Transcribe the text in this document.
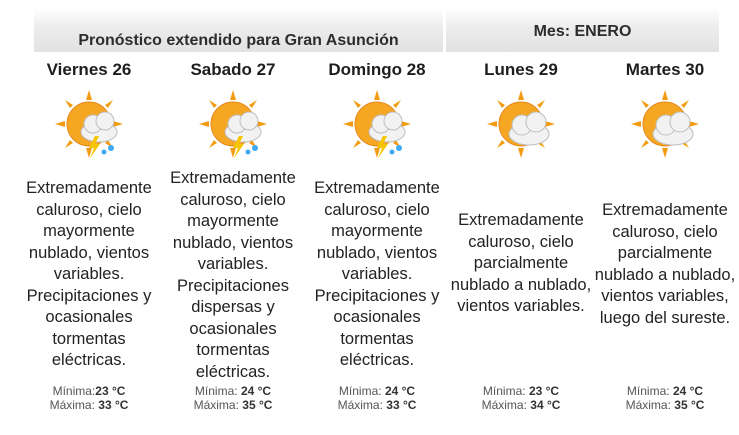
Pronóstico extendido para Gran Asunción
Mes: ENERO
Viernes 26
Extremadamente caluroso, cielo mayormente nublado, vientos variables. Precipitaciones y ocasionales tormentas eléctricas.
Mínima:23 °C
Máxima: 33 °C
Sabado 27
Extremadamente caluroso, cielo mayormente nublado, vientos variables. Precipitaciones dispersas y ocasionales tormentas eléctricas.
Mínima: 24 °C
Máxima: 35 °C
Domingo 28
Extremadamente caluroso, cielo mayormente nublado, vientos variables. Precipitaciones y ocasionales tormentas eléctricas.
Mínima: 24 °C
Máxima: 33 °C
Lunes 29
Extremadamente caluroso, cielo parcialmente nublado a nublado, vientos variables.
Mínima: 23 °C
Máxima: 34 °C
Martes 30
Extremadamente caluroso, cielo parcialmente nublado a nublado, vientos variables, luego del sureste.
Mínima: 24 °C
Máxima: 35 °C
